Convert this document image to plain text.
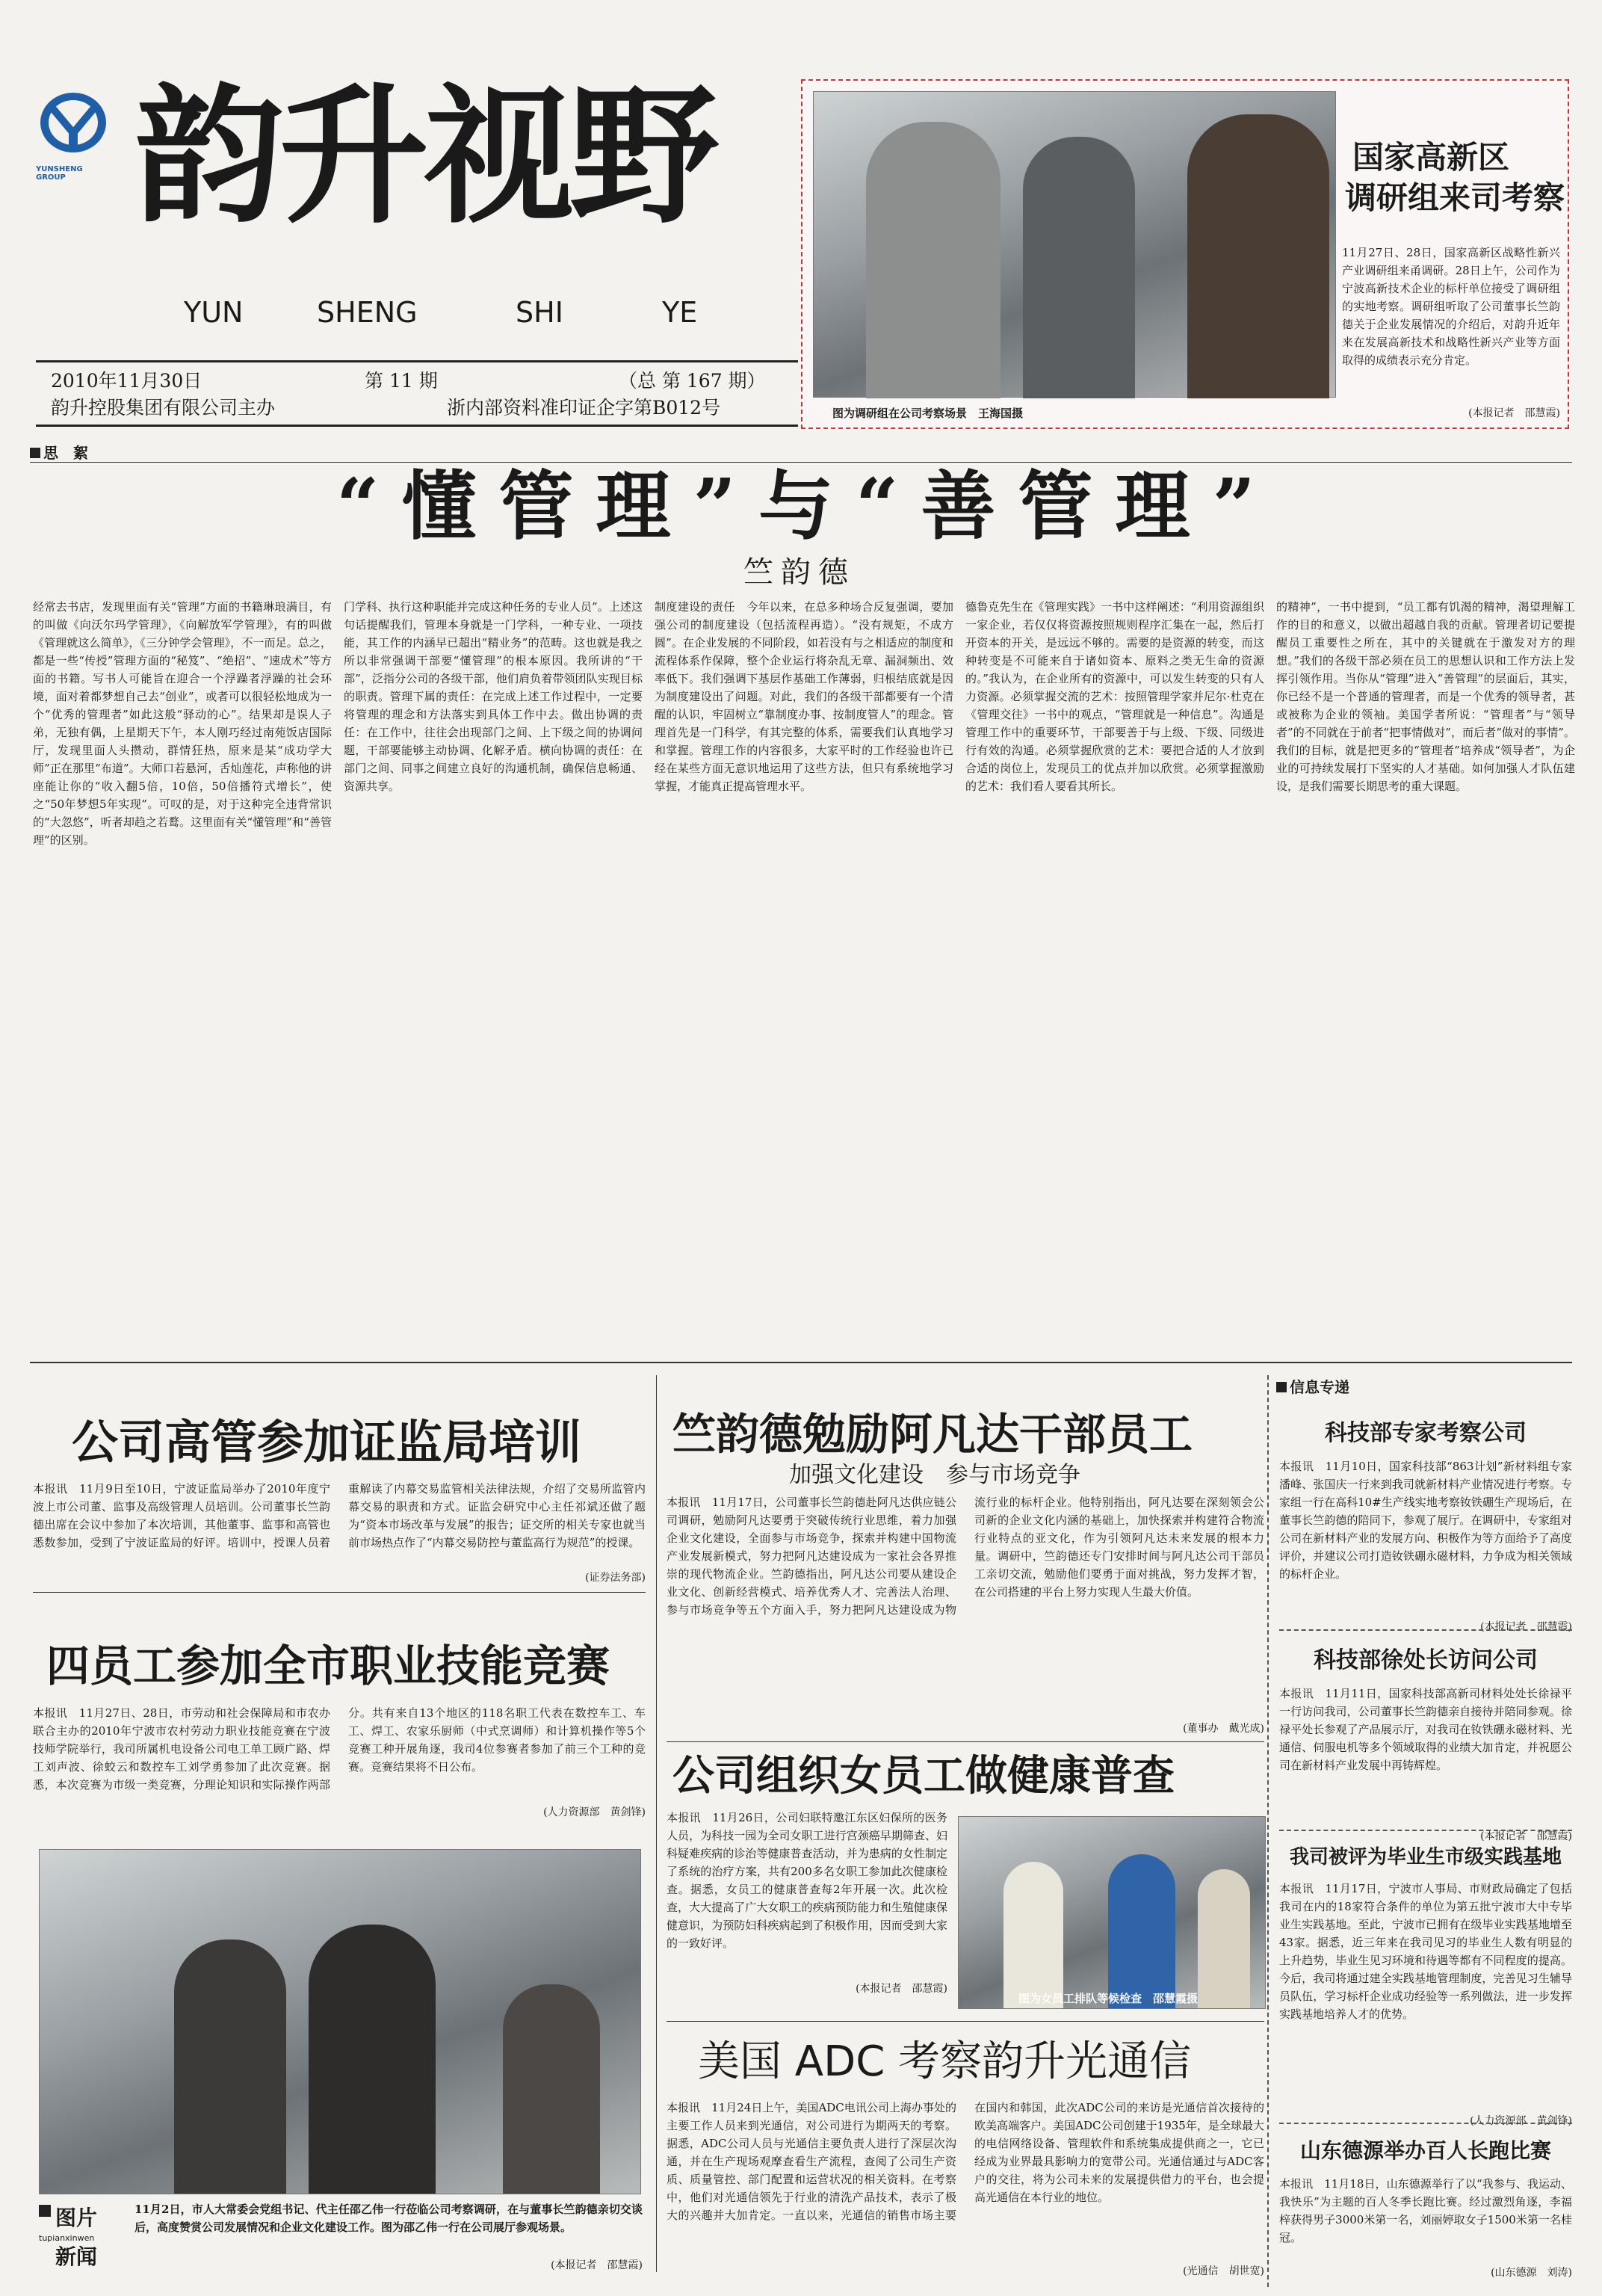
YUNSHENG GROUP 韵升视野
YUN	SHENG	SHI	YE
2010年11月30日	第 11 期	（总 第 167 期）
韵升控股集团有限公司主办	浙内部资料准印证企字第B012号	图为调研组在公司考察场景　王海国摄
国家高新区
调研组来司考察
11月27日、28日，国家高新区战略性新兴产业调研组来甬调研。28日上午，公司作为宁波高新技术企业的标杆单位接受了调研组的实地考察。调研组听取了公司董事长竺韵德关于企业发展情况的介绍后，对韵升近年来在发展高新技术和战略性新兴产业等方面取得的成绩表示充分肯定。
(本报记者　邵慧霞)
思　絮
“懂管理”与“善管理”
竺韵德
经常去书店，发现里面有关“管理”方面的书籍琳琅满目，有的叫做《向沃尔玛学管理》，《向解放军学管理》，有的叫做《管理就这么简单》，《三分钟学会管理》，不一而足。总之，都是一些“传授”管理方面的“秘笈”、“绝招”、“速成术”等方面的书籍。写书人可能旨在迎合一个浮躁者浮躁的社会环境，面对着都梦想自己去“创业”，或者可以很轻松地成为一个“优秀的管理者”如此这般“驿动的心”。结果却是误人子弟，无独有偶，上星期天下午，本人刚巧经过南苑饭店国际厅，发现里面人头攒动，群情狂热，原来是某“成功学大师”正在那里“布道”。大师口若悬河，舌灿莲花，声称他的讲座能让你的“收入翻5倍，10倍，50倍播符式增长”，使之“50年梦想5年实现”。可叹的是，对于这种完全违背常识的“大忽悠”，听者却趋之若鹜。这里面有关“懂管理”和“善管理”的区别。
门学科、执行这种职能并完成这种任务的专业人员”。上述这句话提醒我们，管理本身就是一门学科，一种专业、一项技能，其工作的内涵早已超出“精业务”的范畴。这也就是我之所以非常强调干部要“懂管理”的根本原因。我所讲的“干部”，泛指分公司的各级干部，他们肩负着带领团队实现目标的职责。管理下属的责任：在完成上述工作过程中，一定要将管理的理念和方法落实到具体工作中去。做出协调的责任：在工作中，往往会出现部门之间、上下级之间的协调问题，干部要能够主动协调、化解矛盾。横向协调的责任：在部门之间、同事之间建立良好的沟通机制，确保信息畅通、资源共享。
制度建设的责任　今年以来，在总多种场合反复强调，要加强公司的制度建设（包括流程再造）。“没有规矩，不成方圆”。在企业发展的不同阶段，如若没有与之相适应的制度和流程体系作保障，整个企业运行将杂乱无章、漏洞频出、效率低下。我们强调下基层作基础工作薄弱，归根结底就是因为制度建设出了问题。对此，我们的各级干部都要有一个清醒的认识，牢固树立“靠制度办事、按制度管人”的理念。管理首先是一门科学，有其完整的体系，需要我们认真地学习和掌握。管理工作的内容很多，大家平时的工作经验也许已经在某些方面无意识地运用了这些方法，但只有系统地学习掌握，才能真正提高管理水平。
德鲁克先生在《管理实践》一书中这样阐述：“利用资源组织一家企业，若仅仅将资源按照规则程序汇集在一起，然后打开资本的开关，是远远不够的。需要的是资源的转变，而这种转变是不可能来自于诸如资本、原料之类无生命的资源的。”我认为，在企业所有的资源中，可以发生转变的只有人力资源。必须掌握交流的艺术：按照管理学家并尼尔·杜克在《管理交往》一书中的观点，“管理就是一种信息”。沟通是管理工作中的重要环节，干部要善于与上级、下级、同级进行有效的沟通。必须掌握欣赏的艺术：要把合适的人才放到合适的岗位上，发现员工的优点并加以欣赏。必须掌握激励的艺术：我们看人要看其所长。
的精神”，一书中提到，“员工都有饥渴的精神，渴望理解工作的目的和意义，以做出超越自我的贡献。管理者切记要提醒员工重要性之所在，其中的关键就在于激发对方的理想。”我们的各级干部必须在员工的思想认识和工作方法上发挥引领作用。当你从“管理”进入“善管理”的层面后，其实，你已经不是一个普通的管理者，而是一个优秀的领导者，甚或被称为企业的领袖。美国学者所说：“管理者”与“领导者”的不同就在于前者“把事情做对”，而后者“做对的事情”。我们的目标，就是把更多的“管理者”培养成“领导者”，为企业的可持续发展打下坚实的人才基础。如何加强人才队伍建设，是我们需要长期思考的重大课题。
公司高管参加证监局培训
本报讯　11月9日至10日，宁波证监局举办了2010年度宁波上市公司董、监事及高级管理人员培训。公司董事长竺韵德出席在会议中参加了本次培训，其他董事、监事和高管也悉数参加，受到了宁波证监局的好评。培训中，授课人员着重解读了内幕交易监管相关法律法规，介绍了交易所监管内幕交易的职责和方式。证监会研究中心主任祁斌还做了题为“资本市场改革与发展”的报告；证交所的相关专家也就当前市场热点作了“内幕交易防控与董监高行为规范”的授课。
(证券法务部)
四员工参加全市职业技能竞赛
本报讯　11月27日、28日，市劳动和社会保障局和市农办联合主办的2010年宁波市农村劳动力职业技能竞赛在宁波技师学院举行，我司所属机电设备公司电工单工顾广路、焊工刘声波、徐蛟云和数控车工刘学勇参加了此次竞赛。据悉，本次竞赛为市级一类竞赛，分理论知识和实际操作两部分。共有来自13个地区的118名职工代表在数控车工、车工、焊工、农家乐厨师（中式烹调师）和计算机操作等5个竞赛工种开展角逐，我司4位参赛者参加了前三个工种的竞赛。竞赛结果将不日公布。
(人力资源部　黄剑锋)
图片新闻
tupianxinwen
11月2日，市人大常委会党组书记、代主任邵乙伟一行莅临公司考察调研，在与董事长竺韵德亲切交谈后，高度赞赏公司发展情况和企业文化建设工作。图为邵乙伟一行在公司展厅参观场景。
(本报记者　邵慧霞)
竺韵德勉励阿凡达干部员工
加强文化建设　参与市场竞争
本报讯　11月17日，公司董事长竺韵德赴阿凡达供应链公司调研，勉励阿凡达要勇于突破传统行业思维，着力加强企业文化建设，全面参与市场竞争，探索并构建中国物流产业发展新模式，努力把阿凡达建设成为一家社会各界推崇的现代物流企业。竺韵德指出，阿凡达公司要从建设企业文化、创新经营模式、培养优秀人才、完善法人治理、参与市场竞争等五个方面入手，努力把阿凡达建设成为物流行业的标杆企业。他特别指出，阿凡达要在深刻领会公司新的企业文化内涵的基础上，加快探索并构建符合物流行业特点的亚文化，作为引领阿凡达未来发展的根本力量。调研中，竺韵德还专门安排时间与阿凡达公司干部员工亲切交流，勉励他们要勇于面对挑战，努力发挥才智，在公司搭建的平台上努力实现人生最大价值。
(董事办　戴光成)
公司组织女员工做健康普查
本报讯　11月26日，公司妇联特邀江东区妇保所的医务人员，为科技一园为全司女职工进行宫颈癌早期筛查、妇科疑难疾病的诊治等健康普查活动，并为患病的女性制定了系统的治疗方案，共有200多名女职工参加此次健康检查。据悉，女员工的健康普查每2年开展一次。此次检查，大大提高了广大女职工的疾病预防能力和生殖健康保健意识，为预防妇科疾病起到了积极作用，因而受到大家的一致好评。
(本报记者　邵慧霞)
图为女员工排队等候检查　邵慧霞摄
美国 ADC 考察韵升光通信
本报讯　11月24日上午，美国ADC电讯公司上海办事处的主要工作人员来到光通信，对公司进行为期两天的考察。据悉，ADC公司人员与光通信主要负责人进行了深层次沟通，并在生产现场观摩查看生产流程，查阅了公司生产资质、质量管控、部门配置和运营状况的相关资料。在考察中，他们对光通信领先于行业的清洗产品技术，表示了极大的兴趣并大加肯定。一直以来，光通信的销售市场主要在国内和韩国，此次ADC公司的来访是光通信首次接待的欧美高端客户。美国ADC公司创建于1935年，是全球最大的电信网络设备、管理软件和系统集成提供商之一，它已经成为业界最具影响力的宽带公司。光通信通过与ADC客户的交往，将为公司未来的发展提供借力的平台，也会提高光通信在本行业的地位。
(光通信　胡世宽)
信息专递
科技部专家考察公司
本报讯　11月10日，国家科技部“863计划”新材料组专家潘峰、张国庆一行来到我司就新材料产业情况进行考察。专家组一行在高科10#生产线实地考察钕铁硼生产现场后，在董事长竺韵德的陪同下，参观了展厅。在调研中，专家组对公司在新材料产业的发展方向、积极作为等方面给予了高度评价，并建议公司打造钕铁硼永磁材料，力争成为相关领域的标杆企业。
(本报记者　邵慧霞)
科技部徐处长访问公司
本报讯　11月11日，国家科技部高新司材料处处长徐禄平一行访问我司，公司董事长竺韵德亲自接待并陪同参观。徐禄平处长参观了产品展示厅，对我司在钕铁硼永磁材料、光通信、伺服电机等多个领域取得的业绩大加肯定，并祝愿公司在新材料产业发展中再铸辉煌。
(本报记者　邵慧霞)
我司被评为毕业生市级实践基地
本报讯　11月17日，宁波市人事局、市财政局确定了包括我司在内的18家符合条件的单位为第五批宁波市大中专毕业生实践基地。至此，宁波市已拥有在级毕业实践基地增至43家。据悉，近三年来在我司见习的毕业生人数有明显的上升趋势，毕业生见习环境和待遇等都有不同程度的提高。今后，我司将通过建全实践基地管理制度，完善见习生辅导员队伍，学习标杆企业成功经验等一系列做法，进一步发挥实践基地培养人才的优势。
(人力资源部　黄剑锋)
山东德源举办百人长跑比赛
本报讯　11月18日，山东德源举行了以“我参与、我运动、我快乐”为主题的百人冬季长跑比赛。经过激烈角逐，李福梓获得男子3000米第一名，刘丽婷取女子1500米第一名桂冠。
(山东德源　刘涛)
